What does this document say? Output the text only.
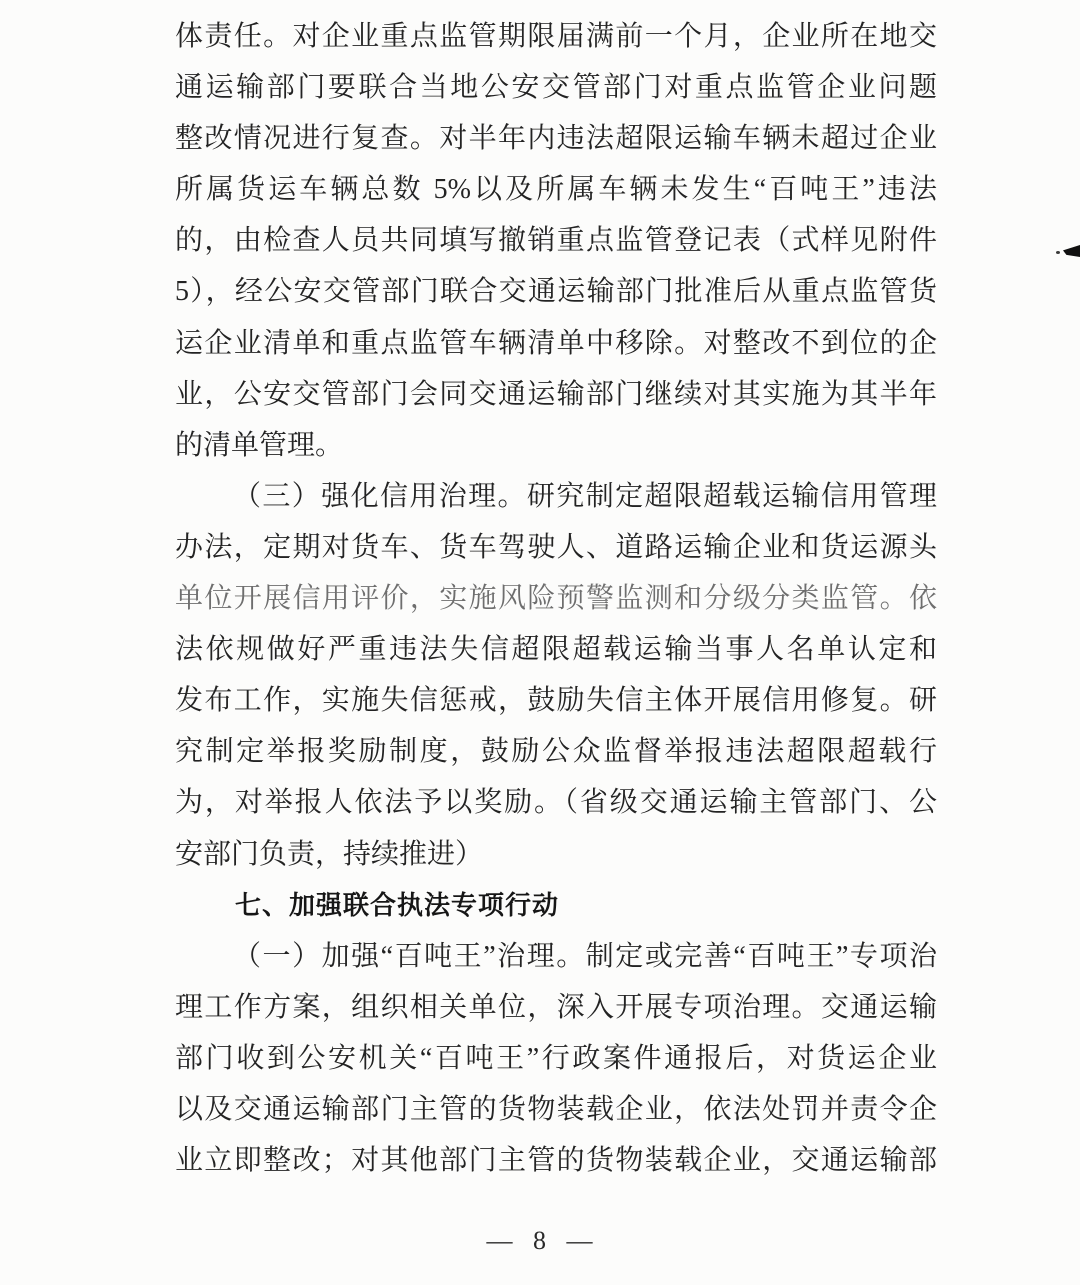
体责任。对企业重点监管期限届满前一个月，企业所在地交
通运输部门要联合当地公安交管部门对重点监管企业问题
整改情况进行复查。对半年内违法超限运输车辆未超过企业
所属货运车辆总数 5%以及所属车辆未发生“百吨王”违法
的，由检查人员共同填写撤销重点监管登记表（式样见附件
5），经公安交管部门联合交通运输部门批准后从重点监管货
运企业清单和重点监管车辆清单中移除。对整改不到位的企
业，公安交管部门会同交通运输部门继续对其实施为其半年
的清单管理。
（三）强化信用治理。研究制定超限超载运输信用管理
办法，定期对货车、货车驾驶人、道路运输企业和货运源头
单位开展信用评价，实施风险预警监测和分级分类监管。依
法依规做好严重违法失信超限超载运输当事人名单认定和
发布工作，实施失信惩戒，鼓励失信主体开展信用修复。研
究制定举报奖励制度，鼓励公众监督举报违法超限超载行
为，对举报人依法予以奖励。（省级交通运输主管部门、公
安部门负责，持续推进）
七、加强联合执法专项行动
（一）加强“百吨王”治理。制定或完善“百吨王”专项治
理工作方案，组织相关单位，深入开展专项治理。交通运输
部门收到公安机关“百吨王”行政案件通报后，对货运企业
以及交通运输部门主管的货物装载企业，依法处罚并责令企
业立即整改；对其他部门主管的货物装载企业，交通运输部
— 8 —
